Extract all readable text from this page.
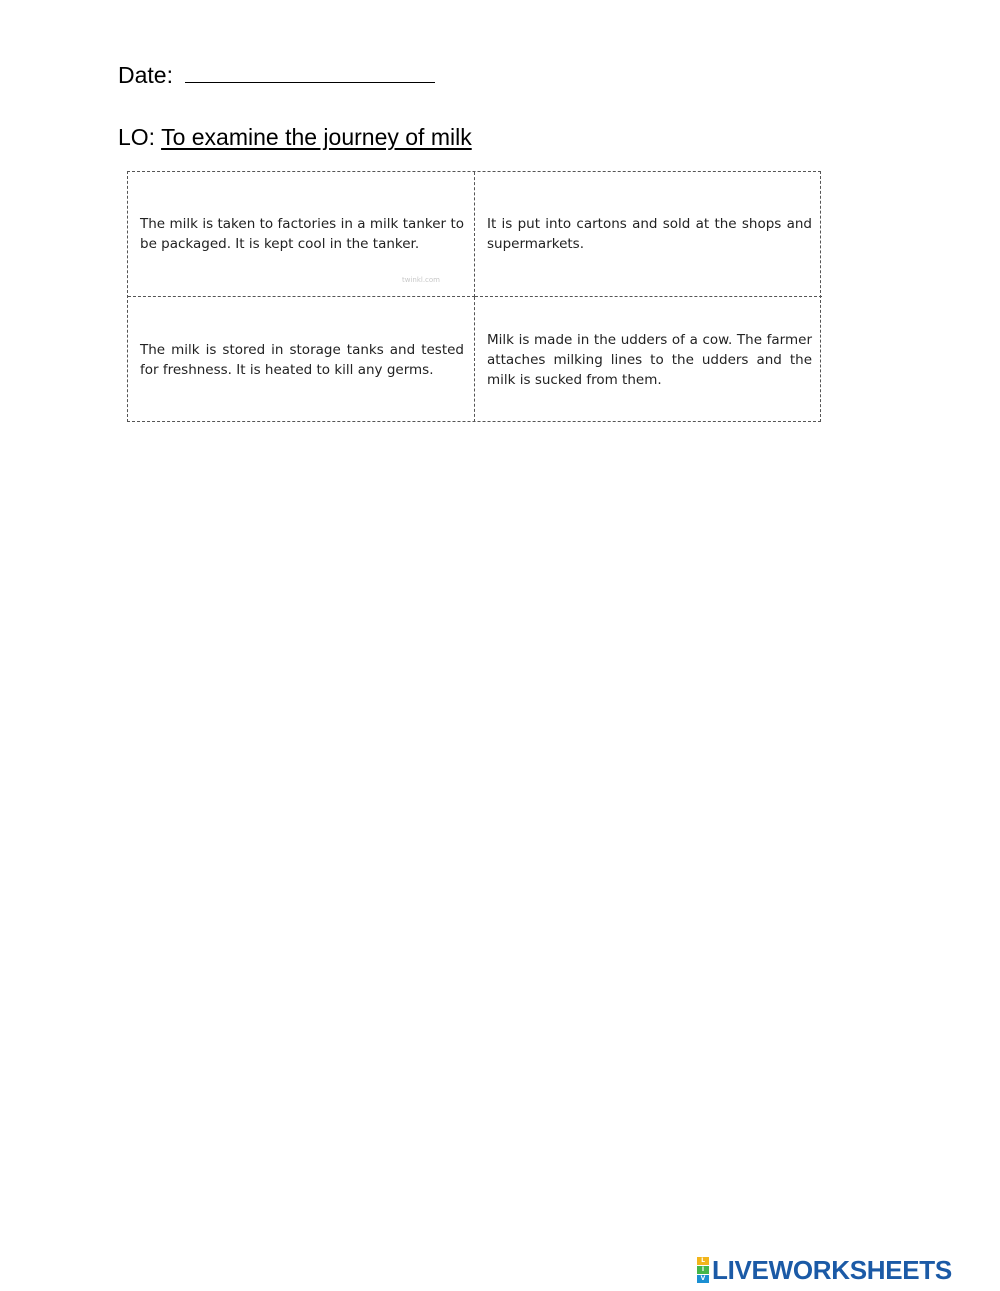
Date:
LO: To examine the journey of milk
The milk is taken to factories in a milk tanker to be packaged. It is kept cool in the tanker.
twinkl.com
It is put into cartons and sold at the shops and supermarkets.
The milk is stored in storage tanks and tested for freshness. It is heated to kill any germs.
Milk is made in the udders of a cow. The farmer attaches milking lines to the udders and the milk is sucked from them.
L
I
V LIVEWORKSHEETS
